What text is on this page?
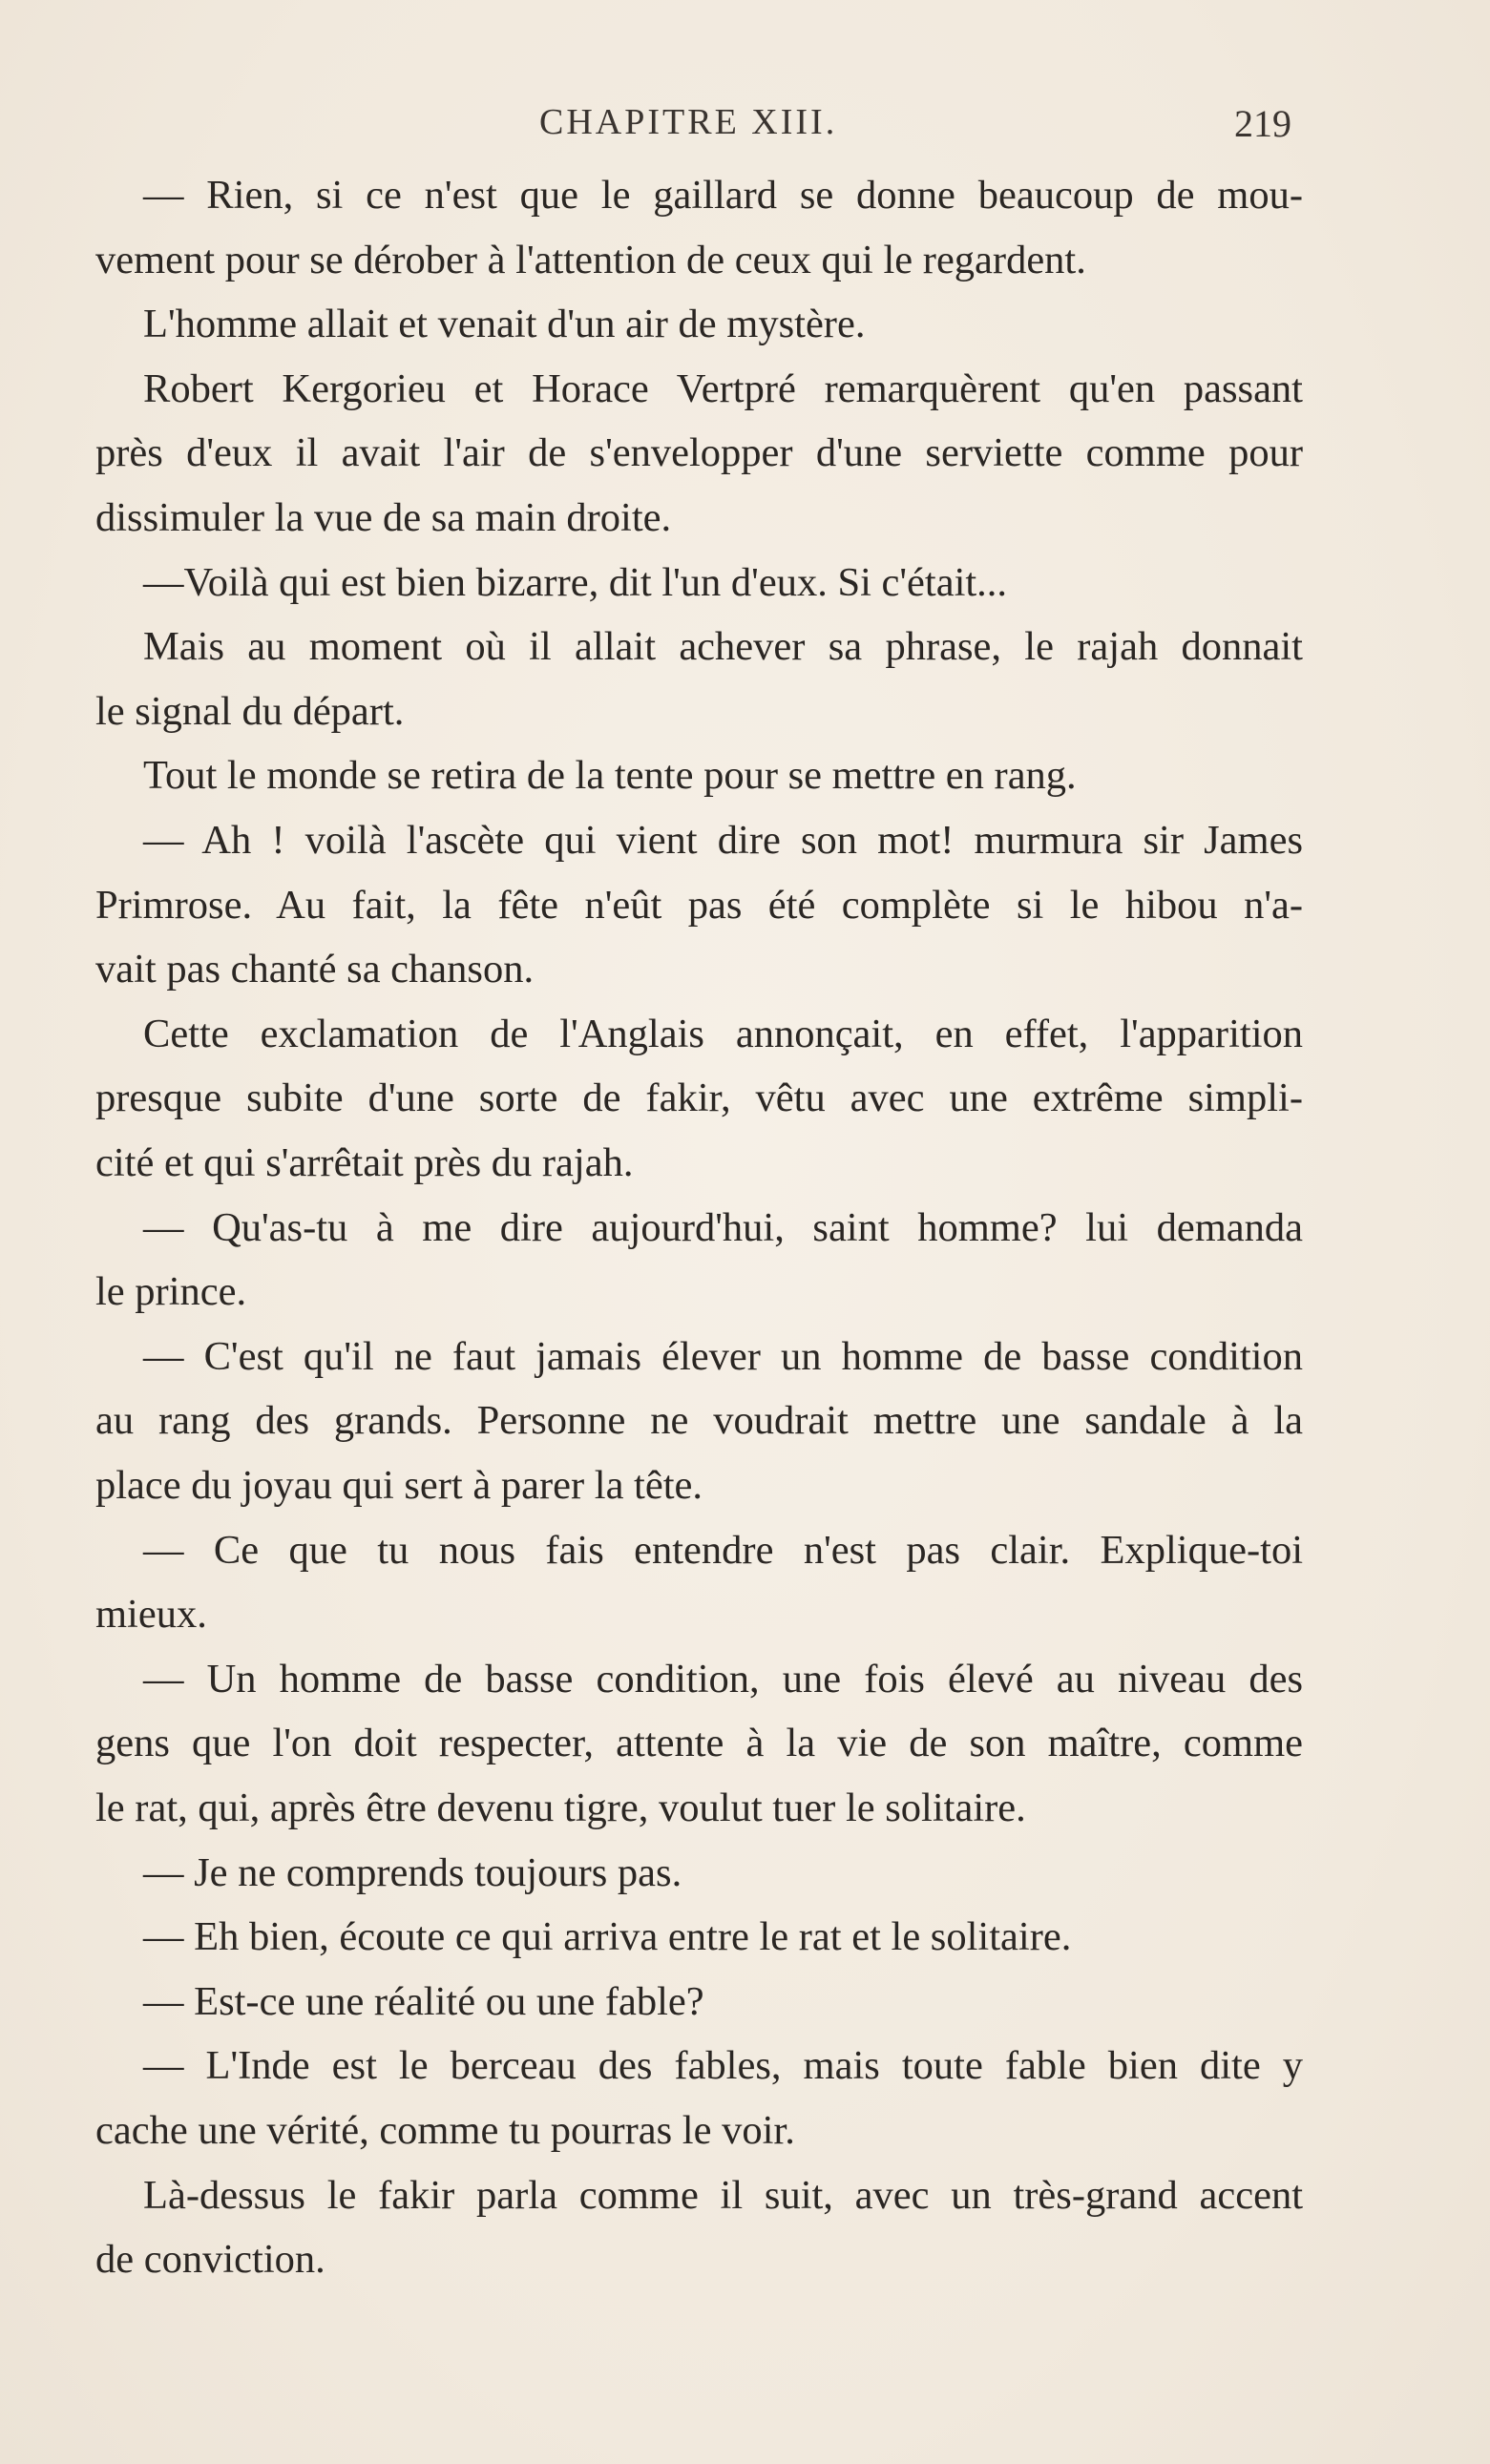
CHAPITRE XIII.	219
— Rien, si ce n'est que le gaillard se donne beaucoup de mou-
vement pour se dérober à l'attention de ceux qui le regardent.
L'homme allait et venait d'un air de mystère.
Robert Kergorieu et Horace Vertpré remarquèrent qu'en passant
près d'eux il avait l'air de s'envelopper d'une serviette comme pour
dissimuler la vue de sa main droite.
—Voilà qui est bien bizarre, dit l'un d'eux. Si c'était...
Mais au moment où il allait achever sa phrase, le rajah donnait
le signal du départ.
Tout le monde se retira de la tente pour se mettre en rang.
— Ah ! voilà l'ascète qui vient dire son mot! murmura sir James
Primrose. Au fait, la fête n'eût pas été complète si le hibou n'a-
vait pas chanté sa chanson.
Cette exclamation de l'Anglais annonçait, en effet, l'apparition
presque subite d'une sorte de fakir, vêtu avec une extrême simpli-
cité et qui s'arrêtait près du rajah.
— Qu'as-tu à me dire aujourd'hui, saint homme? lui demanda
le prince.
— C'est qu'il ne faut jamais élever un homme de basse condition
au rang des grands. Personne ne voudrait mettre une sandale à la
place du joyau qui sert à parer la tête.
— Ce que tu nous fais entendre n'est pas clair. Explique-toi
mieux.
— Un homme de basse condition, une fois élevé au niveau des
gens que l'on doit respecter, attente à la vie de son maître, comme
le rat, qui, après être devenu tigre, voulut tuer le solitaire.
— Je ne comprends toujours pas.
— Eh bien, écoute ce qui arriva entre le rat et le solitaire.
— Est-ce une réalité ou une fable?
— L'Inde est le berceau des fables, mais toute fable bien dite y
cache une vérité, comme tu pourras le voir.
Là-dessus le fakir parla comme il suit, avec un très-grand accent
de conviction.
